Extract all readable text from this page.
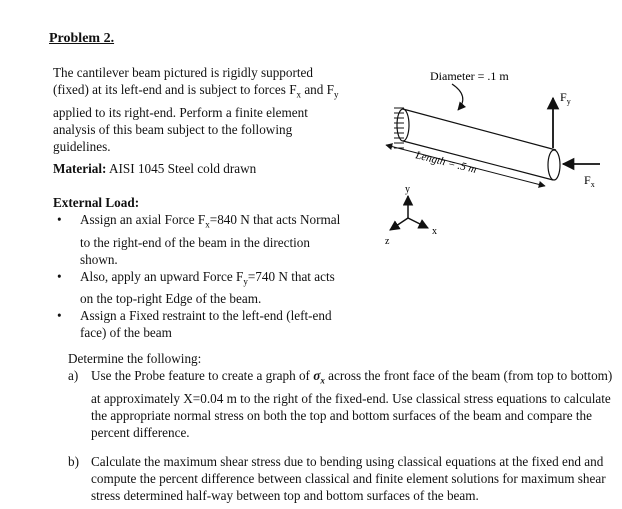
Problem 2.
The cantilever beam pictured is rigidly supported (fixed) at its left-end and is subject to forces $F_x$ and $F_y$ applied to its right-end. Perform a finite element analysis of this beam subject to the following guidelines.
Material: AISI 1045 Steel cold drawn
External Load:
• Assign an axial Force $F_x=840$ N that acts Normal to the right-end of the beam in the direction shown.
• Also, apply an upward Force $F_y=740$ N that acts on the top-right Edge of the beam.
• Assign a Fixed restraint to the left-end (left-end face) of the beam
Diameter = .1 m
Length = .5 m
$F_y$
$F_x$
y
x
z
Determine the following:
a) Use the Probe feature to create a graph of $\sigma_x$ across the front face of the beam (from top to bottom) at approximately X=0.04 m to the right of the fixed-end. Use classical stress equations to calculate the appropriate normal stress on both the top and bottom surfaces of the beam and compare the percent difference.
b) Calculate the maximum shear stress due to bending using classical equations at the fixed end and compute the percent difference between classical and finite element solutions for maximum shear stress determined half-way between top and bottom surfaces of the beam.
